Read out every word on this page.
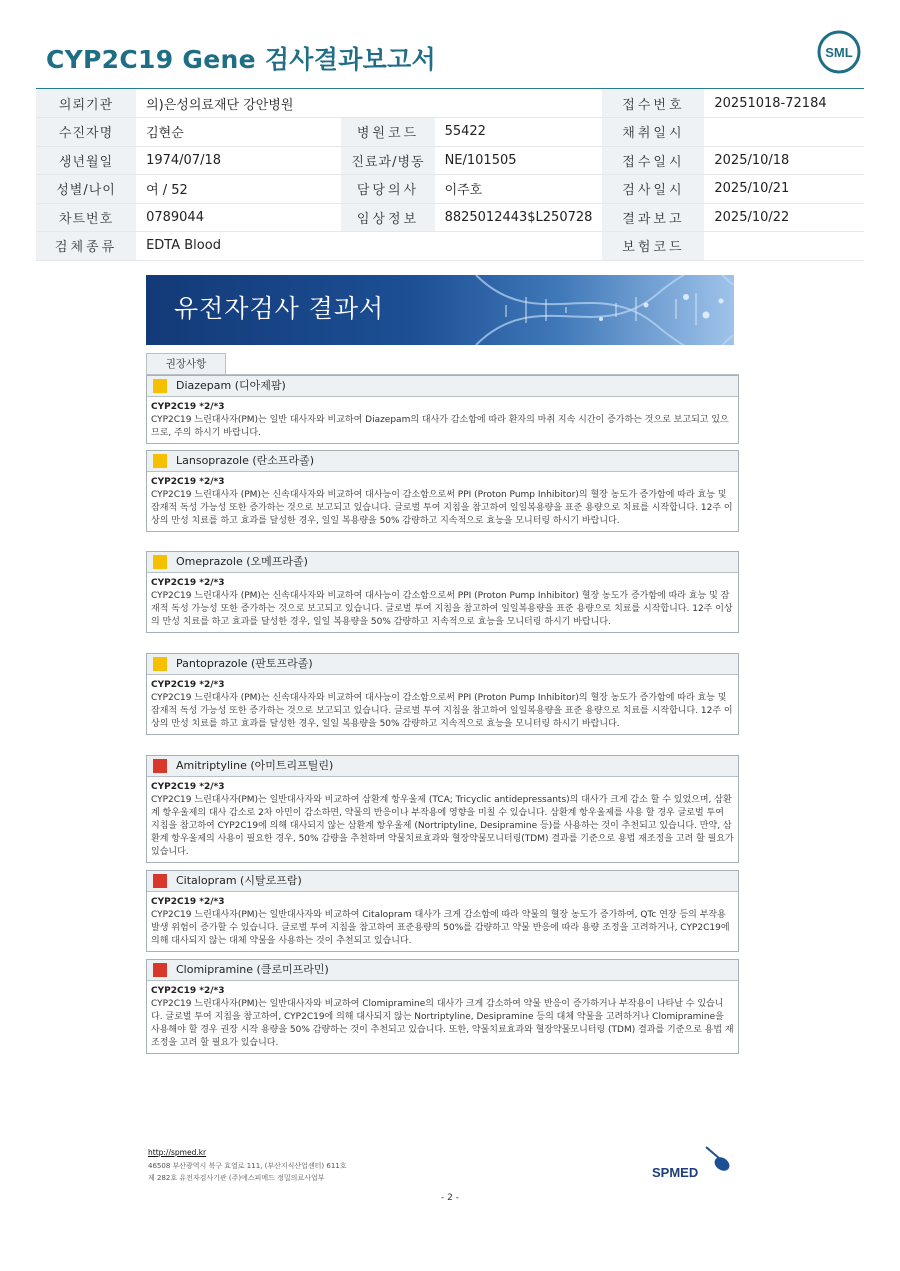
CYP2C19 Gene 검사결과보고서	SML
의뢰기관	의)은성의료재단 강안병원			접수번호	20251018-72184
수진자명	김현순	병원코드	55422	채취일시	
생년월일	1974/07/18	진료과/병동	NE/101505	접수일시	2025/10/18
성별/나이	여 / 52	담당의사	이주호	검사일시	2025/10/21
차트번호	0789044	임상정보	8825012443$L250728	결과보고	2025/10/22
검체종류	EDTA Blood			보험코드	
유전자검사 결과서
권장사항
Diazepam (디아제팜)
CYP2C19 *2/*3
CYP2C19 느린대사자(PM)는 일반 대사자와 비교하여 Diazepam의 대사가 감소함에 따라 환자의 마취 지속 시간이 증가하는 것으로 보고되고 있으므로, 주의 하시기 바랍니다.
Lansoprazole (란소프라졸)
CYP2C19 *2/*3
CYP2C19 느린대사자 (PM)는 신속대사자와 비교하여 대사능이 감소함으로써 PPI (Proton Pump Inhibitor)의 혈장 농도가 증가함에 따라 효능 및 잠재적 독성 가능성 또한 증가하는 것으로 보고되고 있습니다. 글로벌 투여 지침을 참고하여 일일복용량을 표준 용량으로 치료를 시작합니다. 12주 이상의 만성 치료를 하고 효과를 달성한 경우, 일일 복용량을 50% 감량하고 지속적으로 효능을 모니터링 하시기 바랍니다.
Omeprazole (오메프라졸)
CYP2C19 *2/*3
CYP2C19 느린대사자 (PM)는 신속대사자와 비교하여 대사능이 감소함으로써 PPI (Proton Pump Inhibitor) 혈장 농도가 증가함에 따라 효능 및 잠재적 독성 가능성 또한 증가하는 것으로 보고되고 있습니다. 글로벌 투여 지침을 참고하여 일일복용량을 표준 용량으로 치료를 시작합니다. 12주 이상의 만성 치료를 하고 효과를 달성한 경우, 일일 복용량을 50% 감량하고 지속적으로 효능을 모니터링 하시기 바랍니다.
Pantoprazole (판토프라졸)
CYP2C19 *2/*3
CYP2C19 느린대사자 (PM)는 신속대사자와 비교하여 대사능이 감소함으로써 PPI (Proton Pump Inhibitor)의 혈장 농도가 증가함에 따라 효능 및 잠재적 독성 가능성 또한 증가하는 것으로 보고되고 있습니다. 글로벌 투여 지침을 참고하여 일일복용량을 표준 용량으로 치료를 시작합니다. 12주 이상의 만성 치료를 하고 효과를 달성한 경우, 일일 복용량을 50% 감량하고 지속적으로 효능을 모니터링 하시기 바랍니다.
Amitriptyline (아미트리프틸린)
CYP2C19 *2/*3
CYP2C19 느린대사자(PM)는 일반대사자와 비교하여 삼환계 항우울제 (TCA; Tricyclic antidepressants)의 대사가 크게 감소 할 수 있었으며, 삼환계 항우울제의 대사 감소로 2차 아민이 감소하면, 약물의 반응이나 부작용에 영향을 미칠 수 있습니다. 삼환계 항우울제를 사용 할 경우 글로벌 투여 지침을 참고하여 CYP2C19에 의해 대사되지 않는 삼환계 항우울제 (Nortriptyline, Desipramine 등)를 사용하는 것이 추천되고 있습니다. 만약, 삼환계 항우울제의 사용이 필요한 경우, 50% 감량을 추천하며 약물치료효과와 혈장약물모니터링(TDM) 결과를 기준으로 용법 재조정을 고려 할 필요가 있습니다.
Citalopram (시탈로프람)
CYP2C19 *2/*3
CYP2C19 느린대사자(PM)는 일반대사자와 비교하여 Citalopram 대사가 크게 감소함에 따라 약물의 혈장 농도가 증가하여, QTc 연장 등의 부작용 발생 위험이 증가할 수 있습니다. 글로벌 투여 지침을 참고하여 표준용량의 50%를 감량하고 약물 반응에 따라 용량 조정을 고려하거나, CYP2C19에 의해 대사되지 않는 대체 약물을 사용하는 것이 추천되고 있습니다.
Clomipramine (클로미프라민)
CYP2C19 *2/*3
CYP2C19 느린대사자(PM)는 일반대사자와 비교하여 Clomipramine의 대사가 크게 감소하여 약물 반응이 증가하거나 부작용이 나타날 수 있습니다. 글로벌 투여 지침을 참고하여, CYP2C19에 의해 대사되지 않는 Nortriptyline, Desipramine 등의 대체 약물을 고려하거나 Clomipramine을 사용해야 할 경우 권장 시작 용량을 50% 감량하는 것이 추천되고 있습니다. 또한, 약물치료효과와 혈장약물모니터링 (TDM) 결과를 기준으로 용법 재조정을 고려 할 필요가 있습니다.
http://spmed.kr
46508 부산광역시 북구 효열로 111, (부산지식산업센터) 611호
제 282호 유전자검사기관 (주)에스피메드 정밀의료사업부	SPMED
- 2 -
